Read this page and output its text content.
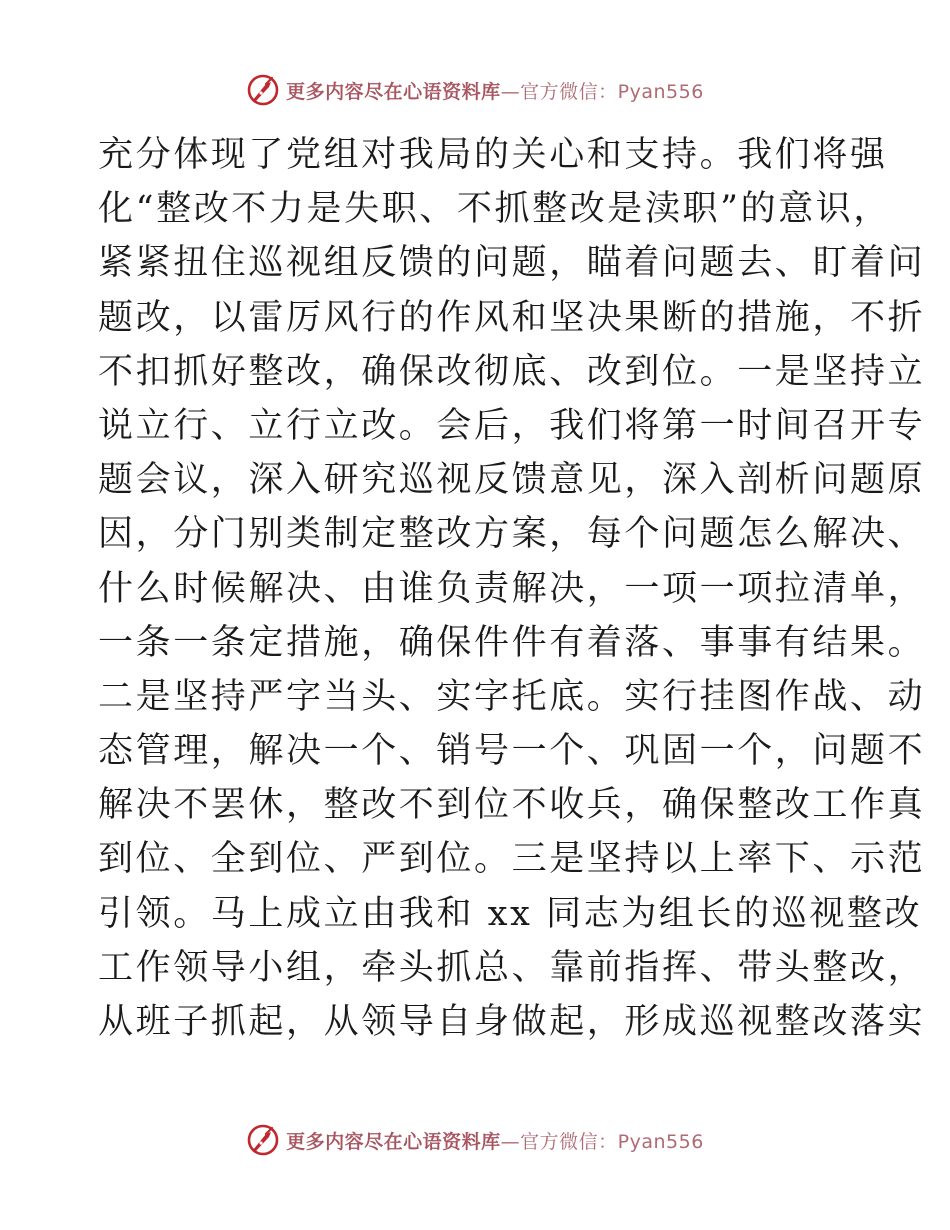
更多内容尽在心语资料库—官方微信：Pyan556
充分体现了党组对我局的关心和支持。我们将强
化“整改不力是失职、不抓整改是渎职”的意识，
紧紧扭住巡视组反馈的问题，瞄着问题去、盯着问
题改，以雷厉风行的作风和坚决果断的措施，不折
不扣抓好整改，确保改彻底、改到位。一是坚持立
说立行、立行立改。会后，我们将第一时间召开专
题会议，深入研究巡视反馈意见，深入剖析问题原
因，分门别类制定整改方案，每个问题怎么解决、
什么时候解决、由谁负责解决，一项一项拉清单，
一条一条定措施，确保件件有着落、事事有结果。
二是坚持严字当头、实字托底。实行挂图作战、动
态管理，解决一个、销号一个、巩固一个，问题不
解决不罢休，整改不到位不收兵，确保整改工作真
到位、全到位、严到位。三是坚持以上率下、示范
引领。马上成立由我和 xx 同志为组长的巡视整改
工作领导小组，牵头抓总、靠前指挥、带头整改，
从班子抓起，从领导自身做起，形成巡视整改落实
更多内容尽在心语资料库—官方微信：Pyan556
